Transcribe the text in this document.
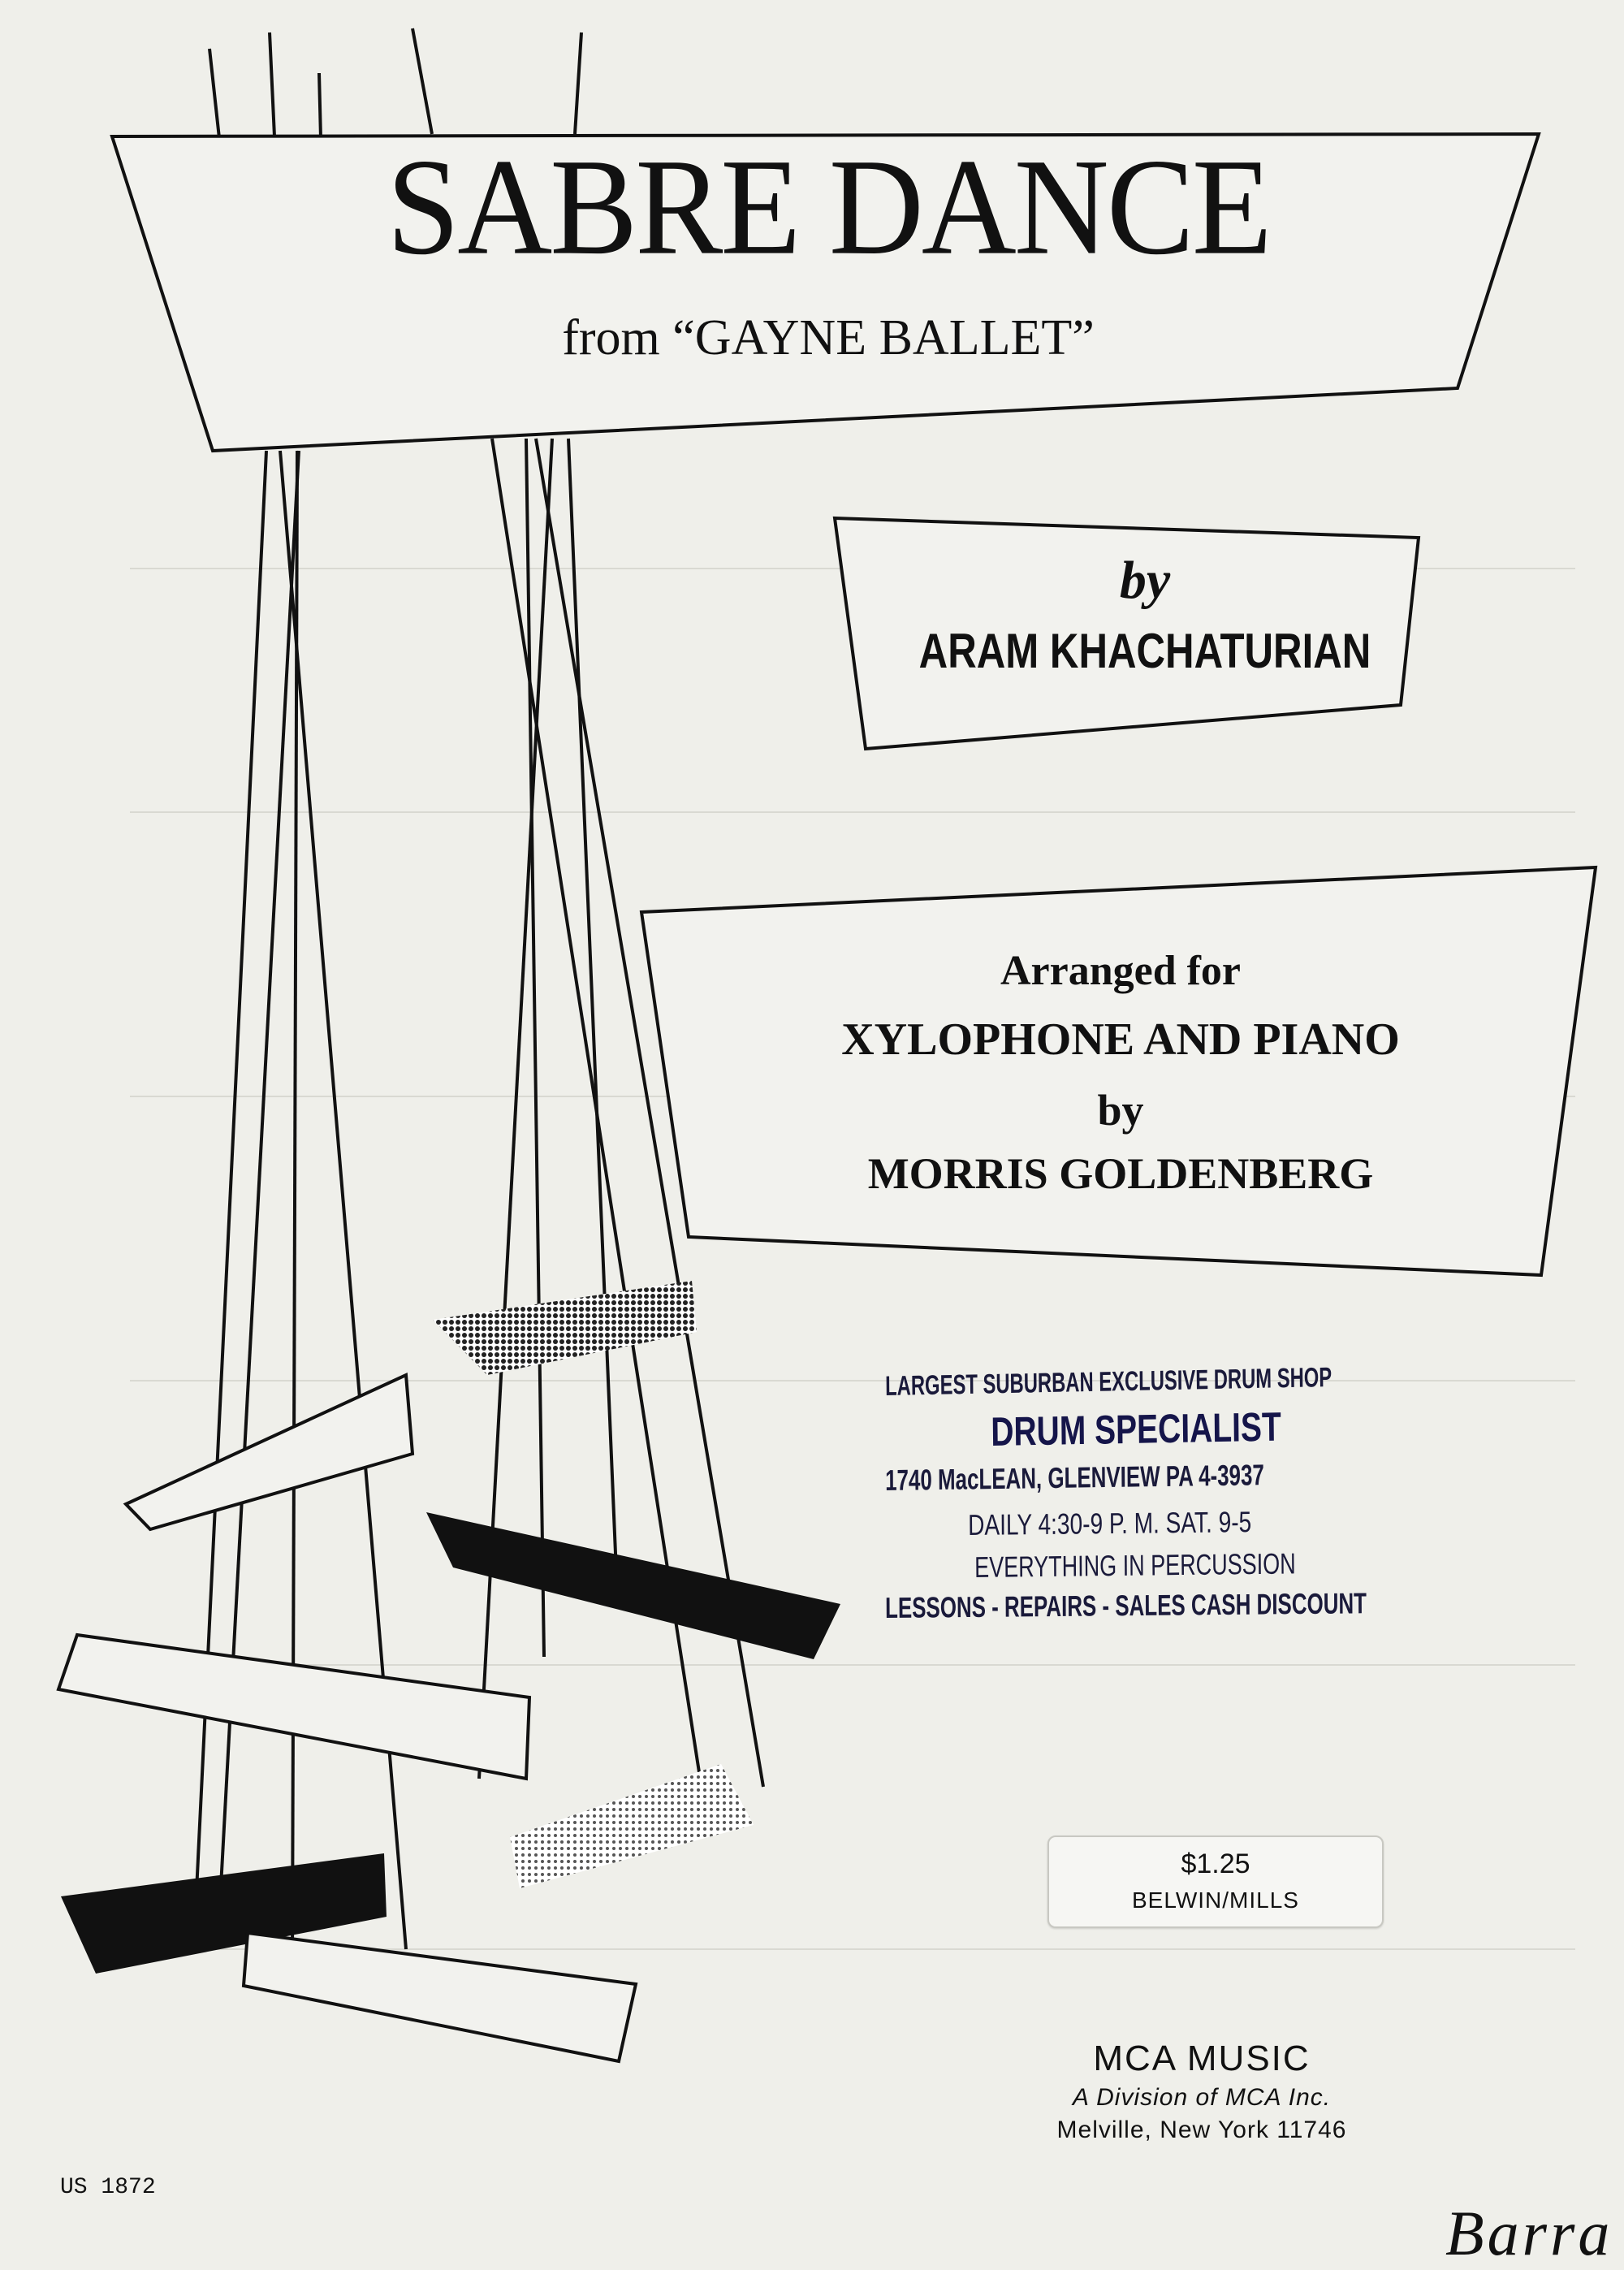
SABRE DANCE
from “GAYNE BALLET”
by
ARAM KHACHATURIAN
Arranged for
XYLOPHONE AND PIANO
by
MORRIS GOLDENBERG
LARGEST SUBURBAN EXCLUSIVE DRUM SHOP
DRUM SPECIALIST
1740 MacLEAN, GLENVIEW PA 4-3937
DAILY 4:30-9 P. M. SAT. 9-5
EVERYTHING IN PERCUSSION
LESSONS - REPAIRS - SALES CASH DISCOUNT
$1.25
BELWIN/MILLS
MCA MUSIC
A Division of MCA Inc.
Melville, New York 11746
US 1872
Barra
